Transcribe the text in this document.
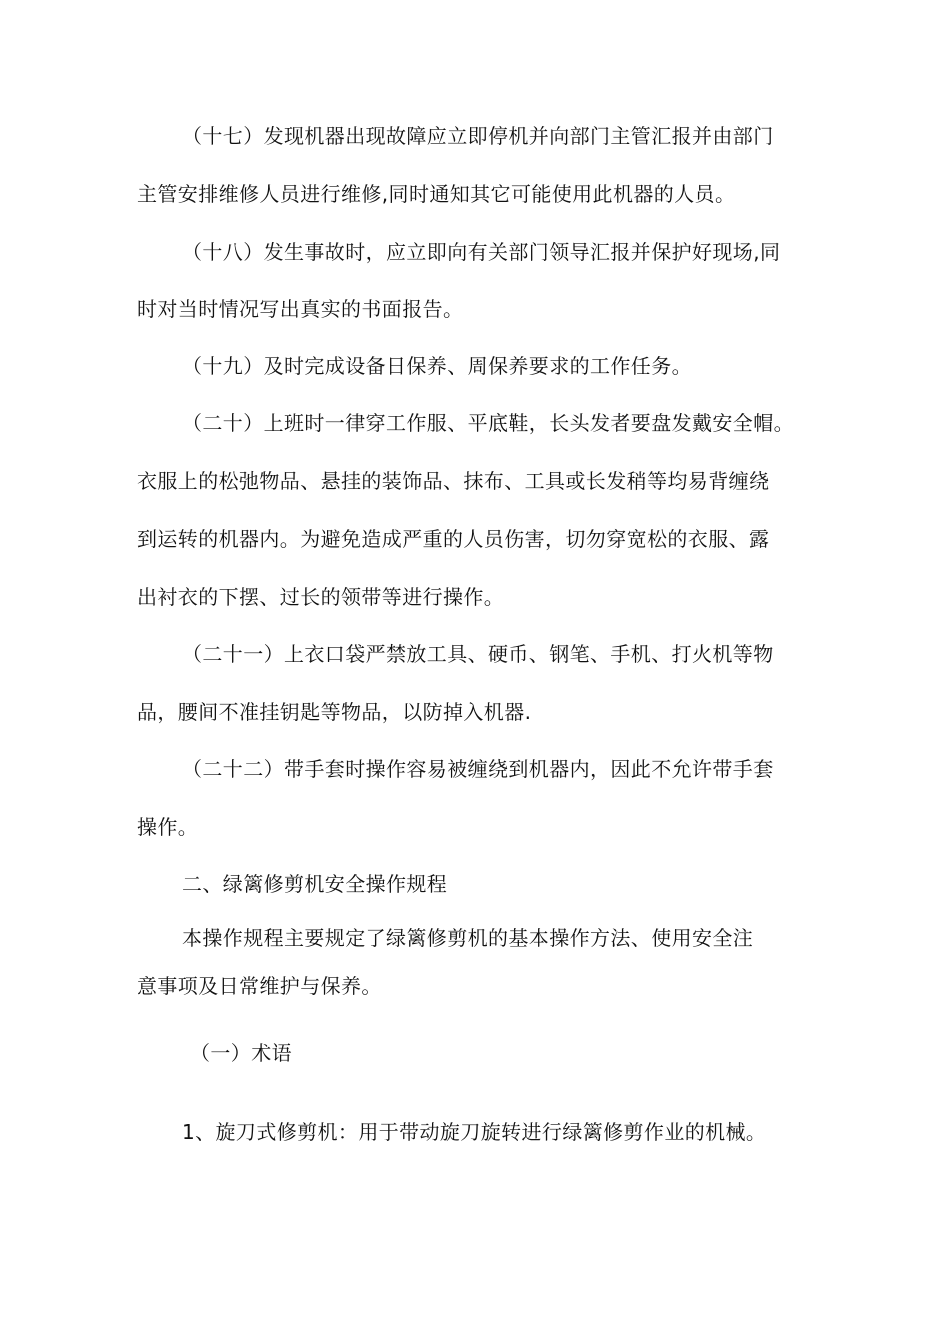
（十七）发现机器出现故障应立即停机并向部门主管汇报并由部门
主管安排维修人员进行维修,同时通知其它可能使用此机器的人员。
（十八）发生事故时，应立即向有关部门领导汇报并保护好现场,同
时对当时情况写出真实的书面报告。
（十九）及时完成设备日保养、周保养要求的工作任务。
（二十）上班时一律穿工作服、平底鞋，长头发者要盘发戴安全帽。
衣服上的松弛物品、悬挂的装饰品、抹布、工具或长发稍等均易背缠绕
到运转的机器内。为避免造成严重的人员伤害，切勿穿宽松的衣服、露
出衬衣的下摆、过长的领带等进行操作。
（二十一）上衣口袋严禁放工具、硬币、钢笔、手机、打火机等物
品，腰间不准挂钥匙等物品，以防掉入机器.
（二十二）带手套时操作容易被缠绕到机器内，因此不允许带手套
操作。
二、绿篱修剪机安全操作规程
本操作规程主要规定了绿篱修剪机的基本操作方法、使用安全注
意事项及日常维护与保养。
（一）术语
1、旋刀式修剪机：用于带动旋刀旋转进行绿篱修剪作业的机械。
